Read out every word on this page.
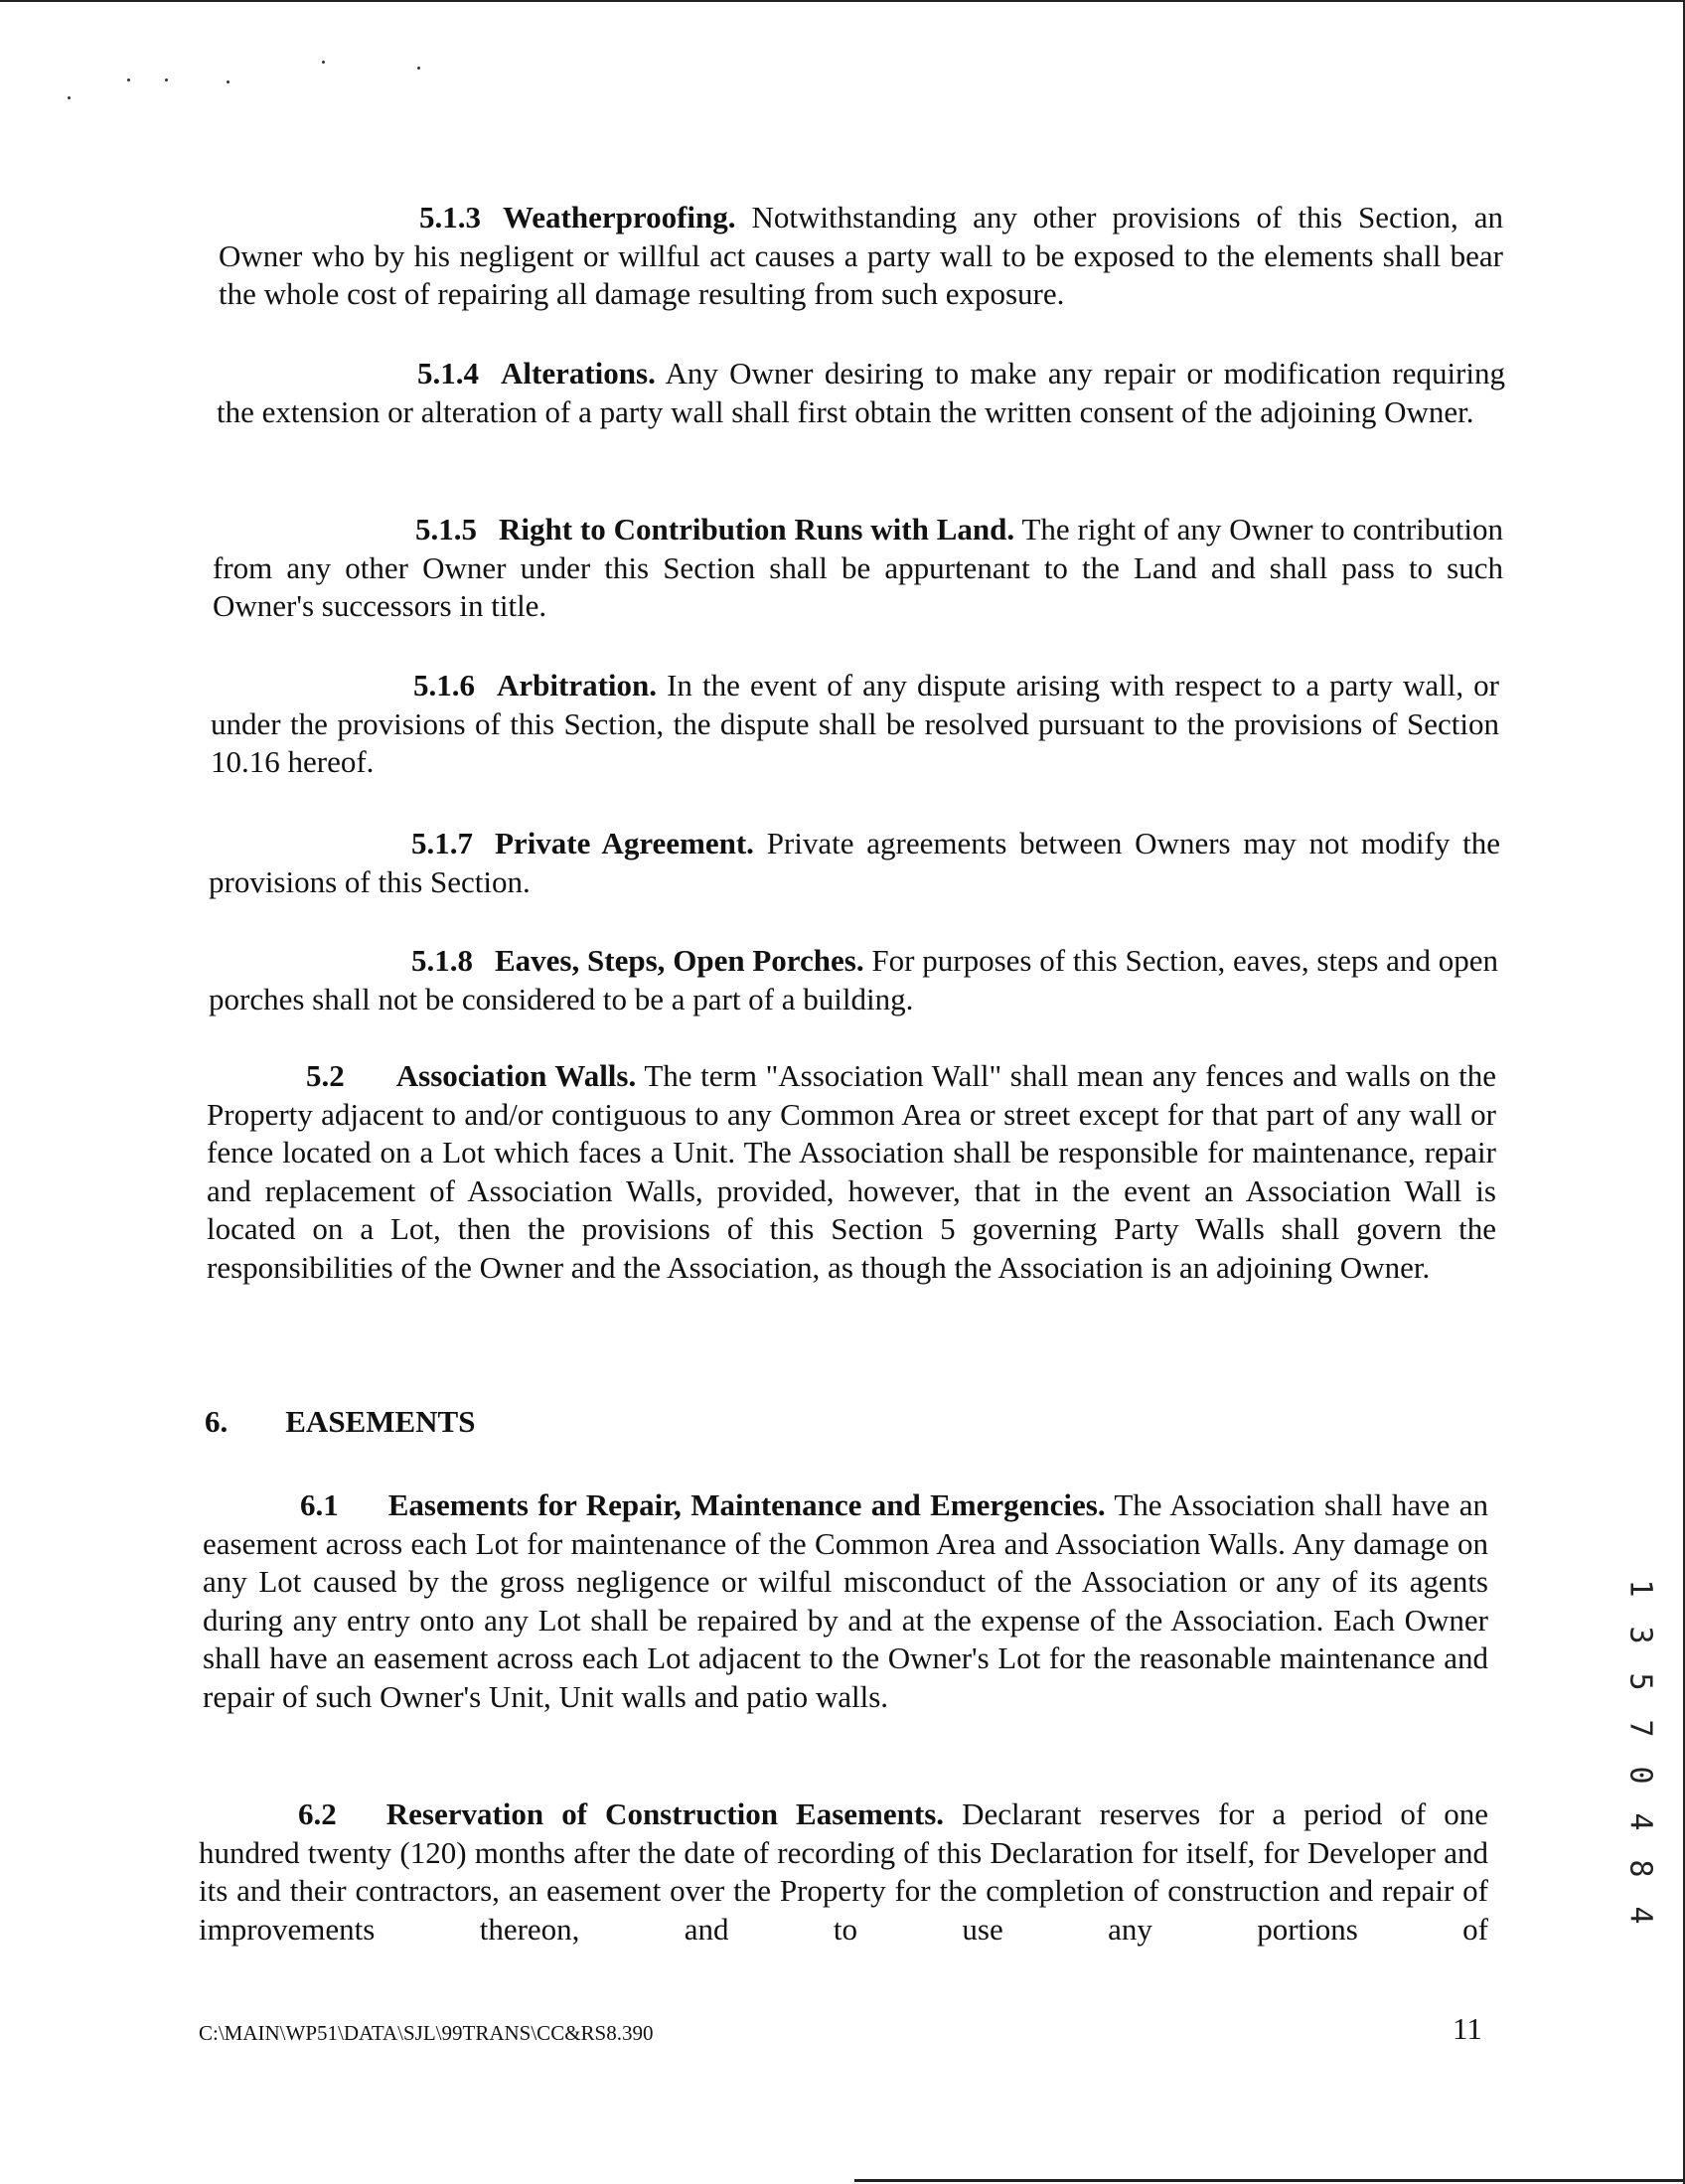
5.1.3 Weatherproofing. Notwithstanding any other provisions of this Section, an Owner who by his negligent or willful act causes a party wall to be exposed to the elements shall bear the whole cost of repairing all damage resulting from such exposure.
5.1.4 Alterations. Any Owner desiring to make any repair or modification requiring the extension or alteration of a party wall shall first obtain the written consent of the adjoining Owner.
5.1.5 Right to Contribution Runs with Land. The right of any Owner to contribution from any other Owner under this Section shall be appurtenant to the Land and shall pass to such Owner's successors in title.
5.1.6 Arbitration. In the event of any dispute arising with respect to a party wall, or under the provisions of this Section, the dispute shall be resolved pursuant to the provisions of Section 10.16 hereof.
5.1.7 Private Agreement. Private agreements between Owners may not modify the provisions of this Section.
5.1.8 Eaves, Steps, Open Porches. For purposes of this Section, eaves, steps and open porches shall not be considered to be a part of a building.
5.2 Association Walls. The term "Association Wall" shall mean any fences and walls on the Property adjacent to and/or contiguous to any Common Area or street except for that part of any wall or fence located on a Lot which faces a Unit. The Association shall be responsible for maintenance, repair and replacement of Association Walls, provided, however, that in the event an Association Wall is located on a Lot, then the provisions of this Section 5 governing Party Walls shall govern the responsibilities of the Owner and the Association, as though the Association is an adjoining Owner.
6. EASEMENTS
6.1 Easements for Repair, Maintenance and Emergencies. The Association shall have an easement across each Lot for maintenance of the Common Area and Association Walls. Any damage on any Lot caused by the gross negligence or wilful misconduct of the Association or any of its agents during any entry onto any Lot shall be repaired by and at the expense of the Association. Each Owner shall have an easement across each Lot adjacent to the Owner's Lot for the reasonable maintenance and repair of such Owner's Unit, Unit walls and patio walls.
6.2 Reservation of Construction Easements. Declarant reserves for a period of one hundred twenty (120) months after the date of recording of this Declaration for itself, for Developer and its and their contractors, an easement over the Property for the completion of construction and repair of improvements thereon, and to use any portions of
C:\MAIN\WP51\DATA\SJL\99TRANS\CC&RS8.390	11
1
3
5
7
0
4
8
4
